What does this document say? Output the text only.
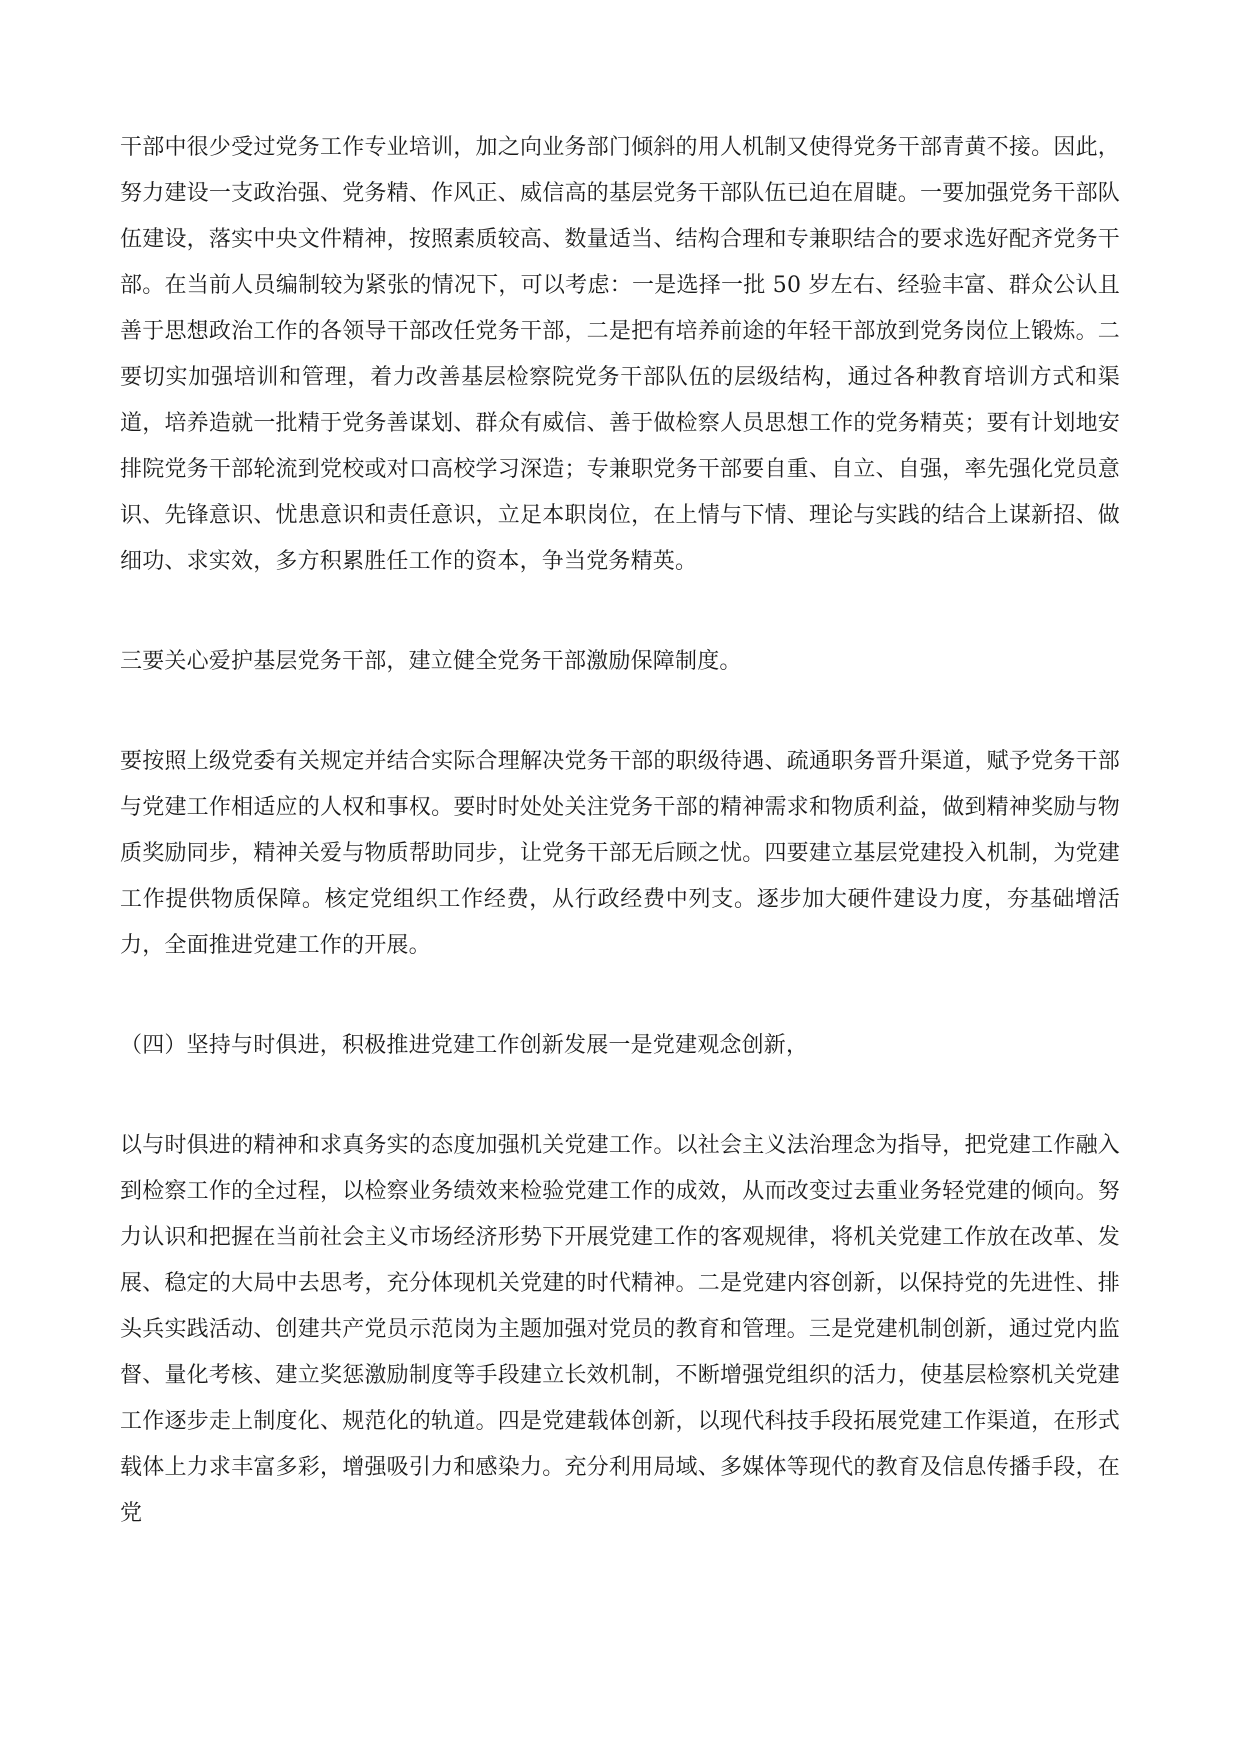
干部中很少受过党务工作专业培训，加之向业务部门倾斜的用人机制又使得党务干部青黄不接。因此，努力建设一支政治强、党务精、作风正、威信高的基层党务干部队伍已迫在眉睫。一要加强党务干部队伍建设，落实中央文件精神，按照素质较高、数量适当、结构合理和专兼职结合的要求选好配齐党务干部。在当前人员编制较为紧张的情况下，可以考虑：一是选择一批 50 岁左右、经验丰富、群众公认且善于思想政治工作的各领导干部改任党务干部，二是把有培养前途的年轻干部放到党务岗位上锻炼。二要切实加强培训和管理，着力改善基层检察院党务干部队伍的层级结构，通过各种教育培训方式和渠道，培养造就一批精于党务善谋划、群众有威信、善于做检察人员思想工作的党务精英；要有计划地安排院党务干部轮流到党校或对口高校学习深造；专兼职党务干部要自重、自立、自强，率先强化党员意识、先锋意识、忧患意识和责任意识，立足本职岗位，在上情与下情、理论与实践的结合上谋新招、做细功、求实效，多方积累胜任工作的资本，争当党务精英。

三要关心爱护基层党务干部，建立健全党务干部激励保障制度。

要按照上级党委有关规定并结合实际合理解决党务干部的职级待遇、疏通职务晋升渠道，赋予党务干部与党建工作相适应的人权和事权。要时时处处关注党务干部的精神需求和物质利益，做到精神奖励与物质奖励同步，精神关爱与物质帮助同步，让党务干部无后顾之忧。四要建立基层党建投入机制，为党建工作提供物质保障。核定党组织工作经费，从行政经费中列支。逐步加大硬件建设力度，夯基础增活力，全面推进党建工作的开展。

（四）坚持与时俱进，积极推进党建工作创新发展一是党建观念创新，

以与时俱进的精神和求真务实的态度加强机关党建工作。以社会主义法治理念为指导，把党建工作融入到检察工作的全过程，以检察业务绩效来检验党建工作的成效，从而改变过去重业务轻党建的倾向。努力认识和把握在当前社会主义市场经济形势下开展党建工作的客观规律，将机关党建工作放在改革、发展、稳定的大局中去思考，充分体现机关党建的时代精神。二是党建内容创新，以保持党的先进性、排头兵实践活动、创建共产党员示范岗为主题加强对党员的教育和管理。三是党建机制创新，通过党内监督、量化考核、建立奖惩激励制度等手段建立长效机制，不断增强党组织的活力，使基层检察机关党建工作逐步走上制度化、规范化的轨道。四是党建载体创新，以现代科技手段拓展党建工作渠道，在形式载体上力求丰富多彩，增强吸引力和感染力。充分利用局域、多媒体等现代的教育及信息传播手段，在党
